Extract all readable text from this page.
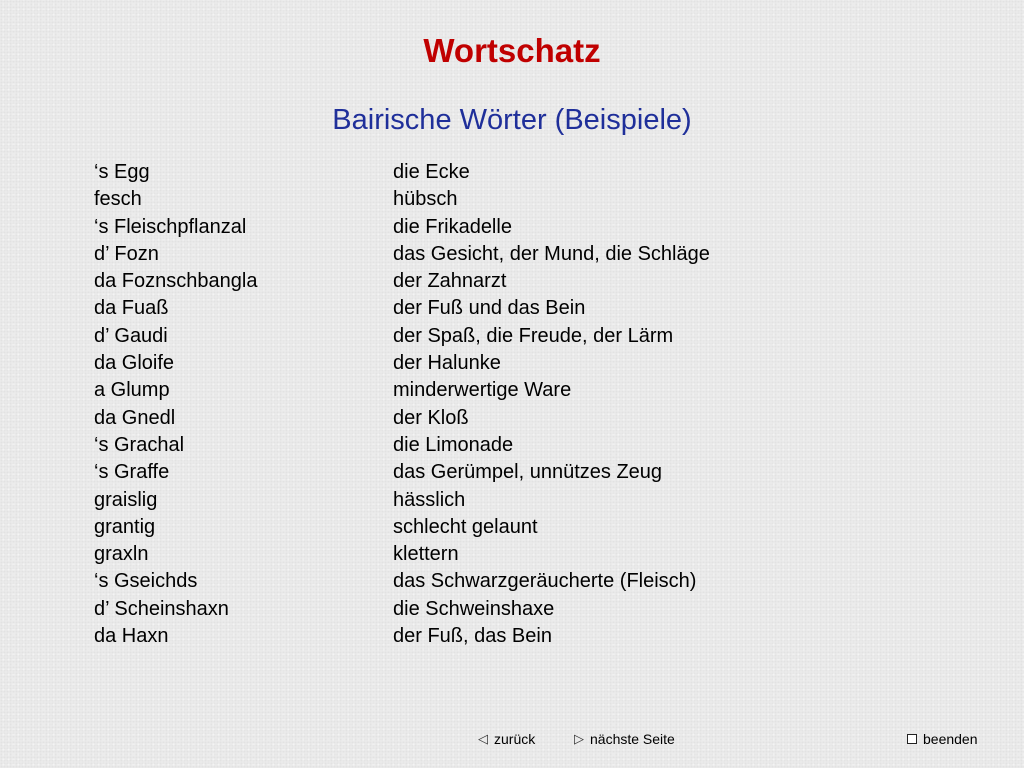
Wortschatz
Bairische Wörter (Beispiele)
‘s Egg	die Ecke
fesch	hübsch
‘s Fleischpflanzal	die Frikadelle
d’ Fozn	das Gesicht, der Mund, die Schläge
da Foznschbangla	der Zahnarzt
da Fuaß	der Fuß und das Bein
d’ Gaudi	der Spaß, die Freude, der Lärm
da Gloife	der Halunke
a Glump	minderwertige Ware
da Gnedl	der Kloß
‘s Grachal	die Limonade
‘s Graffe	das Gerümpel, unnützes Zeug
graislig	hässlich
grantig	schlecht gelaunt
graxln	klettern
‘s Gseichds	das Schwarzgeräucherte (Fleisch)
d’ Scheinshaxn	die Schweinshaxe
da Haxn	der Fuß, das Bein
◁ zurück	▷ nächste Seite	beenden
